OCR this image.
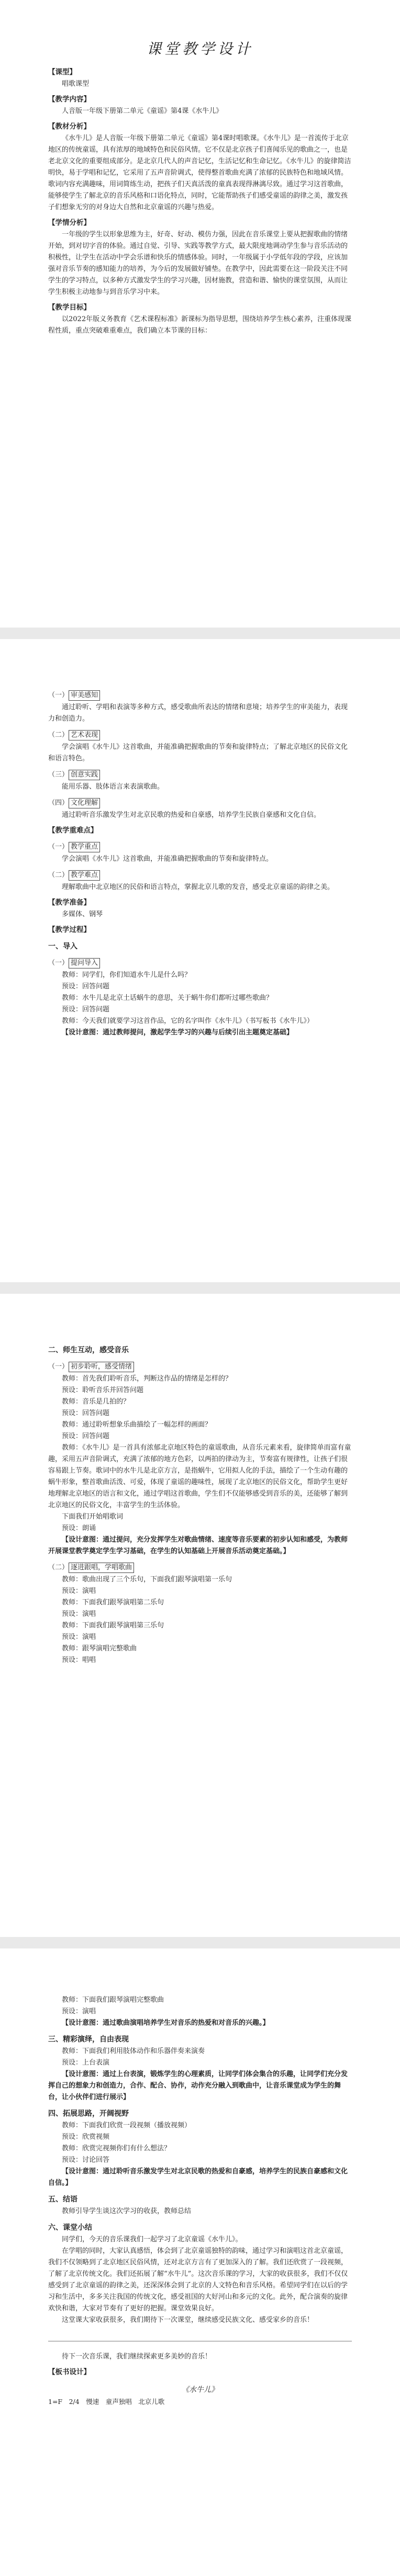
课堂教学设计

【课型】

唱歌课型

【教学内容】

人音版一年级下册第二单元《童谣》第4课《水牛儿》

【教材分析】

《水牛儿》是人音版一年级下册第二单元《童谣》第4课时唱歌课。《水牛儿》是一首流传于北京地区的传统童谣，具有浓厚的地域特色和民俗风情。它不仅是北京孩子们喜闻乐见的歌曲之一，也是老北京文化的重要组成部分。是北京几代人的声音记忆，生活记忆和生命记忆。《水牛儿》的旋律简洁明快，易于学唱和记忆，它采用了五声音阶调式，使得整首歌曲充满了浓郁的民族特色和地域风情。歌词内容充满趣味，用词简练生动，把孩子们天真活泼的童真表现得淋漓尽致。通过学习这首歌曲，能够使学生了解北京的音乐风格和口语化特点，同时，它能帮助孩子们感受童谣的韵律之美，激发孩子们想象无穷的对身边大自然和北京童谣的兴趣与热爱。

【学情分析】

一年级的学生以形象思维为主，好奇、好动、模仿力强，因此在音乐课堂上要从把握歌曲的情绪开始，到对切字音的体验。通过自觉、引导、实践等教学方式，最大限度地调动学生参与音乐活动的积极性，让学生在活动中学会乐谱和快乐的情感体验。同时，一年级属于小学低年段的学段，应该加强对音乐节奏的感知能力的培养，为今后的发展做好铺垫。在教学中，因此需要在这一阶段关注不同学生的学习特点，以多种方式激发学生的学习兴趣，因材施教，营造和谐、愉快的课堂氛围，从而让学生积极主动地参与到音乐学习中来。

【教学目标】

以2022年版义务教育《艺术课程标准》新课标为指导思想，围绕培养学生核心素养，注重体现课程性质，重点突破难重难点，我们确立本节课的目标：

（一） 审美感知

通过聆听、学唱和表演等多种方式，感受歌曲所表达的情绪和意境；培养学生的审美能力，表现力和创造力。

（二） 艺术表现

学会演唱《水牛儿》这首歌曲，并能准确把握歌曲的节奏和旋律特点；了解北京地区的民俗文化和语言特色。

（三） 创意实践

能用乐器、肢体语言来表演歌曲。

（四） 文化理解

通过聆听音乐激发学生对北京民歌的热爱和自豪感，培养学生民族自豪感和文化自信。

【教学重难点】

（一） 教学重点

学会演唱《水牛儿》这首歌曲，并能准确把握歌曲的节奏和旋律特点。

（二） 教学难点

理解歌曲中北京地区的民俗和语言特点，掌握北京儿歌的发音，感受北京童谣的韵律之美。

【教学准备】

多媒体、钢琴

【教学过程】

一、导入

（一） 提问导入

教师：同学们，你们知道水牛儿是什么吗？

预设：回答问题

教师：水牛儿是北京土话蜗牛的意思，关于蜗牛你们都听过哪些歌曲？

预设：回答问题

教师：今天我们就要学习这首作品，它的名字叫作《水牛儿》（书写板书《水牛儿》）

【设计意图：通过教师提问，激起学生学习的兴趣与后续引出主题奠定基础】

二、师生互动，感受音乐

（一） 初步聆听，感受情绪

教师：首先我们聆听音乐，判断这作品的情绪是怎样的？

预设：聆听音乐并回答问题

教师：音乐是几拍的？

预设：回答问题

教师：通过聆听想象乐曲描绘了一幅怎样的画面？

预设：回答问题

教师：《水牛儿》是一首具有浓郁北京地区特色的童谣歌曲，从音乐元素来看，旋律简单而富有童趣，采用五声音阶调式，充满了浓郁的地方色彩，以两拍的律动为主，节奏富有规律性，让孩子们很容易跟上节奏。歌词中的水牛儿是北京方言，是指蜗牛，它用拟人化的手法，描绘了一个生动有趣的蜗牛形象，整首歌曲活泼、可爱，体现了童谣的趣味性，展现了北京地区的民俗文化，帮助学生更好地理解北京地区的语言和文化，通过学唱这首歌曲，学生们不仅能够感受到音乐的美，还能够了解到北京地区的民俗文化，丰富学生的生活体验。

下面我们开始唱歌词

预设：朗诵

【设计意图：通过提问，充分发挥学生对歌曲情绪、速度等音乐要素的初步认知和感受，为教师开展课堂教学奠定学生学习基础，在学生的认知基础上开展音乐活动奠定基础。】

（二） 逐进跟唱，学唱歌曲

教师：歌曲出现了三个乐句，下面我们跟琴演唱第一乐句

预设：演唱

教师：下面我们跟琴演唱第二乐句

预设：演唱

教师：下面我们跟琴演唱第三乐句

预设：演唱

教师：跟琴演唱完整歌曲

预设：唱唱

教师：下面我们跟琴演唱完整歌曲

预设：演唱

【设计意图：通过歌曲演唱培养学生对音乐的热爱和对音乐的兴趣。】

三、精彩演绎，自由表现

教师：下面我们利用肢体动作和乐器伴奏来演奏

预设：上台表演

【设计意图：通过上台表演，锻炼学生的心理素质，让同学们体会集合的乐趣，让同学们充分发挥自己的想象力和创造力，合作、配合、协作，动作充分融入到歌曲中，让音乐课堂成为学生的舞台，让小伙伴们进行展示】

四、拓展思路，开阔视野

教师：下面我们欣赏一段视频（播放视频）

预设：欣赏视频

教师：欣赏完视频你们有什么想法？

预设：讨论回答

【设计意图：通过聆听音乐激发学生对北京民歌的热爱和自豪感，培养学生的民族自豪感和文化自信。】

五、结语

教师引导学生谈这次学习的收获，教师总结

六、课堂小结

同学们，今天的音乐课我们一起学习了北京童谣《水牛儿》。

在学唱的同时，大家认真感悟，体会到了北京童谣独特的韵味，通过学习和演唱这首北京童谣，我们不仅领略到了北京地区民俗风情，还对北京方言有了更加深入的了解。我们还欣赏了一段视频，了解了北京传统文化。我们还拓展了解“水牛儿”。这次音乐课的学习，大家的收获很多，我们不仅仅感受到了北京童谣的韵律之美，还深深体会到了北京的人文特色和音乐风格。希望同学们在以后的学习和生活中，多多关注我国的传统文化，感受祖国的大好河山和多元的文化。此外，配合演奏的旋律欢快和谐，大家对节奏有了更好的把握。课堂效果良好。

这堂课大家收获很多，我们期待下一次课堂，继续感受民族文化、感受家乡的音乐！

待下一次音乐课，我们继续探索更多美妙的音乐！

【板书设计】

《水牛儿》
1=F　2/4　慢速　童声独唱　北京儿歌
